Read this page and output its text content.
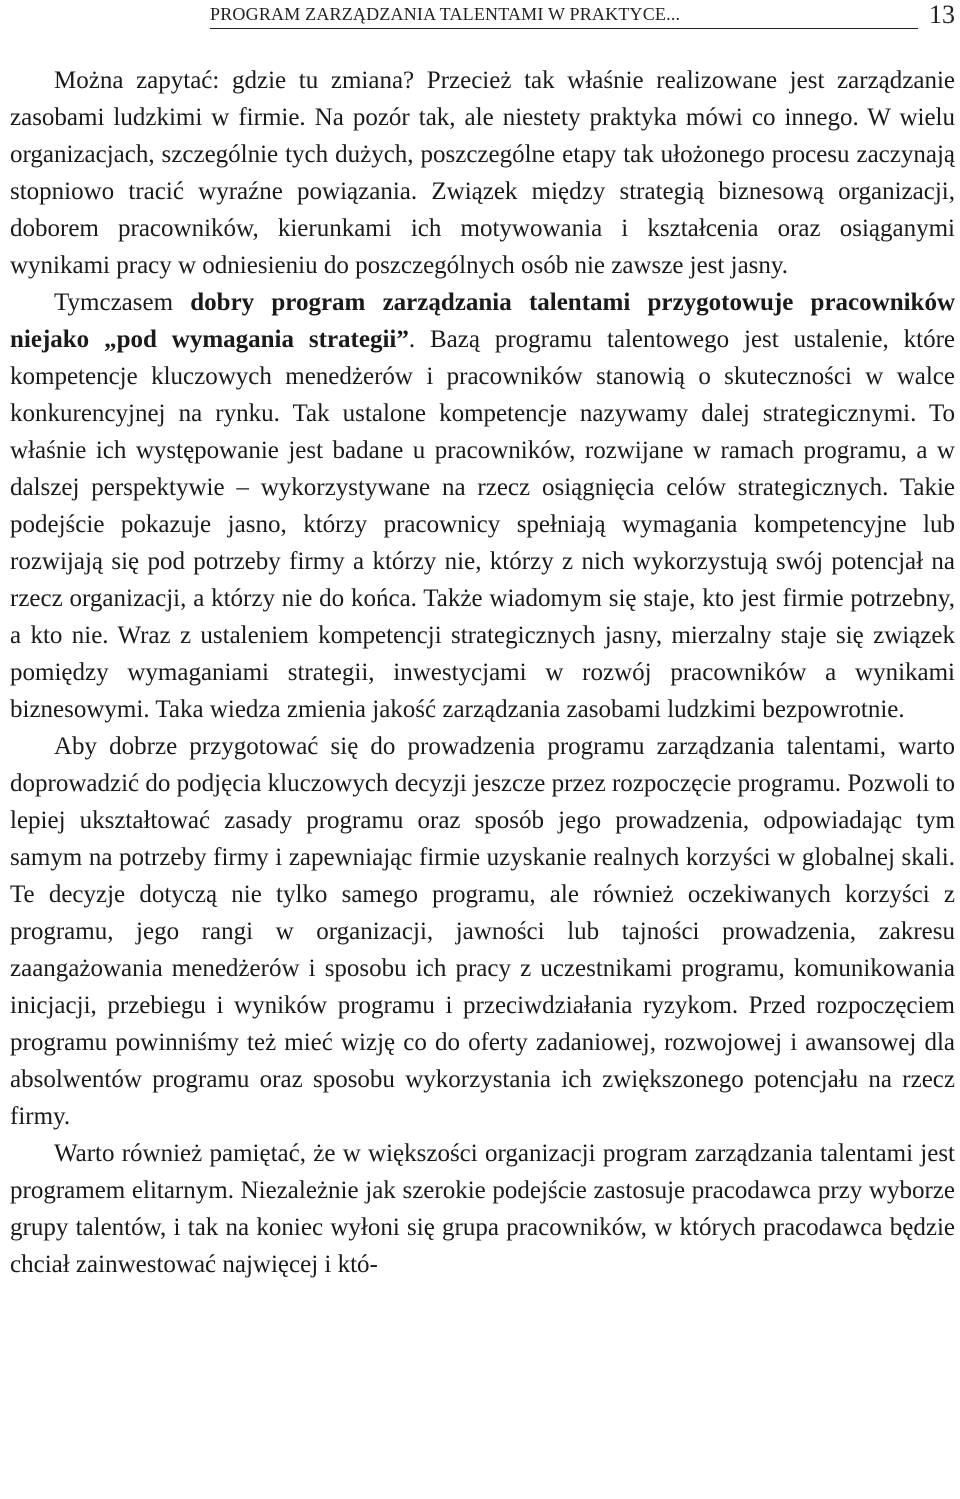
PROGRAM ZARZĄDZANIA TALENTAMI W PRAKTYCE...	13

Można zapytać: gdzie tu zmiana? Przecież tak właśnie realizowane jest zarządzanie zasobami ludzkimi w firmie. Na pozór tak, ale niestety praktyka mówi co innego. W wielu organizacjach, szczególnie tych dużych, poszczególne etapy tak ułożonego procesu zaczynają stopniowo tracić wyraźne powiązania. Związek między strategią biznesową organizacji, doborem pracowników, kierunkami ich motywowania i kształcenia oraz osiąganymi wynikami pracy w odniesieniu do poszczególnych osób nie zawsze jest jasny.

Tymczasem dobry program zarządzania talentami przygotowuje pracowników niejako „pod wymagania strategii”. Bazą programu talentowego jest ustalenie, które kompetencje kluczowych menedżerów i pracowników stanowią o skuteczności w walce konkurencyjnej na rynku. Tak ustalone kompetencje nazywamy dalej strategicznymi. To właśnie ich występowanie jest badane u pracowników, rozwijane w ramach programu, a w dalszej perspektywie – wykorzystywane na rzecz osiągnięcia celów strategicznych. Takie podejście pokazuje jasno, którzy pracownicy spełniają wymagania kompetencyjne lub rozwijają się pod potrzeby firmy a którzy nie, którzy z nich wykorzystują swój potencjał na rzecz organizacji, a którzy nie do końca. Także wiadomym się staje, kto jest firmie potrzebny, a kto nie. Wraz z ustaleniem kompetencji strategicznych jasny, mierzalny staje się związek pomiędzy wymaganiami strategii, inwestycjami w rozwój pracowników a wynikami biznesowymi. Taka wiedza zmienia jakość zarządzania zasobami ludzkimi bezpowrotnie.

Aby dobrze przygotować się do prowadzenia programu zarządzania talentami, warto doprowadzić do podjęcia kluczowych decyzji jeszcze przez rozpoczęcie programu. Pozwoli to lepiej ukształtować zasady programu oraz sposób jego prowadzenia, odpowiadając tym samym na potrzeby firmy i zapewniając firmie uzyskanie realnych korzyści w globalnej skali. Te decyzje dotyczą nie tylko samego programu, ale również oczekiwanych korzyści z programu, jego rangi w organizacji, jawności lub tajności prowadzenia, zakresu zaangażowania menedżerów i sposobu ich pracy z uczestnikami programu, komunikowania inicjacji, przebiegu i wyników programu i przeciwdziałania ryzykom. Przed rozpoczęciem programu powinniśmy też mieć wizję co do oferty zadaniowej, rozwojowej i awansowej dla absolwentów programu oraz sposobu wykorzystania ich zwiększonego potencjału na rzecz firmy.

Warto również pamiętać, że w większości organizacji program zarządzania talentami jest programem elitarnym. Niezależnie jak szerokie podejście zastosuje pracodawca przy wyborze grupy talentów, i tak na koniec wyłoni się grupa pracowników, w których pracodawca będzie chciał zainwestować najwięcej i któ-
